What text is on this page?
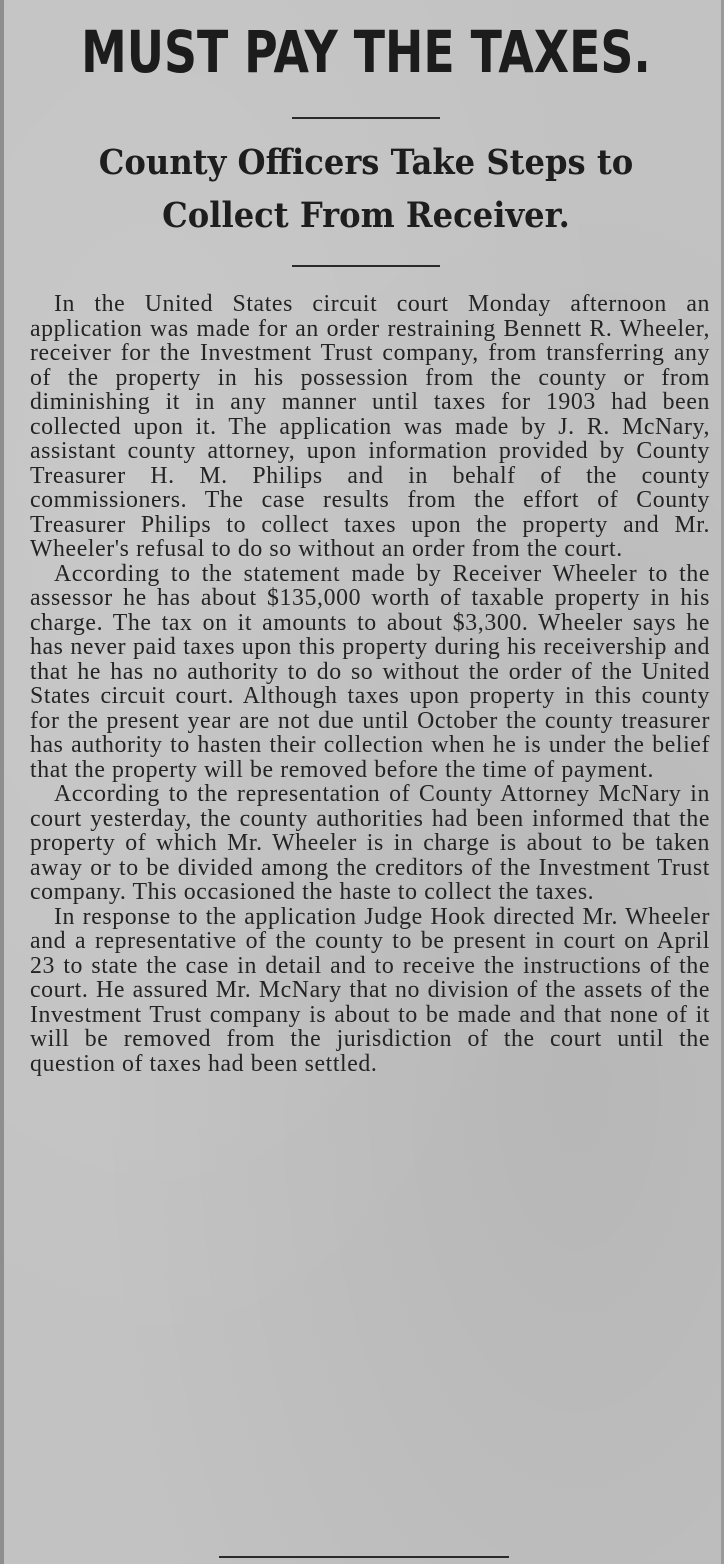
MUST PAY THE TAXES.
County Officers Take Steps to
Collect From Receiver.

In the United States circuit court Monday afternoon an application was made for an order restraining Bennett R. Wheeler, receiver for the Investment Trust company, from transferring any of the property in his possession from the county or from diminishing it in any manner until taxes for 1903 had been collected upon it. The application was made by J. R. McNary, assistant county attorney, upon information provided by County Treasurer H. M. Philips and in behalf of the county commissioners. The case results from the effort of County Treasurer Philips to collect taxes upon the property and Mr. Wheeler's refusal to do so without an order from the court.

According to the statement made by Receiver Wheeler to the assessor he has about $135,000 worth of taxable property in his charge. The tax on it amounts to about $3,300. Wheeler says he has never paid taxes upon this property during his receivership and that he has no authority to do so without the order of the United States circuit court. Although taxes upon property in this county for the present year are not due until October the county treasurer has authority to hasten their collection when he is under the belief that the property will be removed before the time of payment.

According to the representation of County Attorney McNary in court yesterday, the county authorities had been informed that the property of which Mr. Wheeler is in charge is about to be taken away or to be divided among the creditors of the Investment Trust company. This occasioned the haste to collect the taxes.

In response to the application Judge Hook directed Mr. Wheeler and a representative of the county to be present in court on April 23 to state the case in detail and to receive the instructions of the court. He assured Mr. McNary that no division of the assets of the Investment Trust company is about to be made and that none of it will be removed from the jurisdiction of the court until the question of taxes had been settled.
